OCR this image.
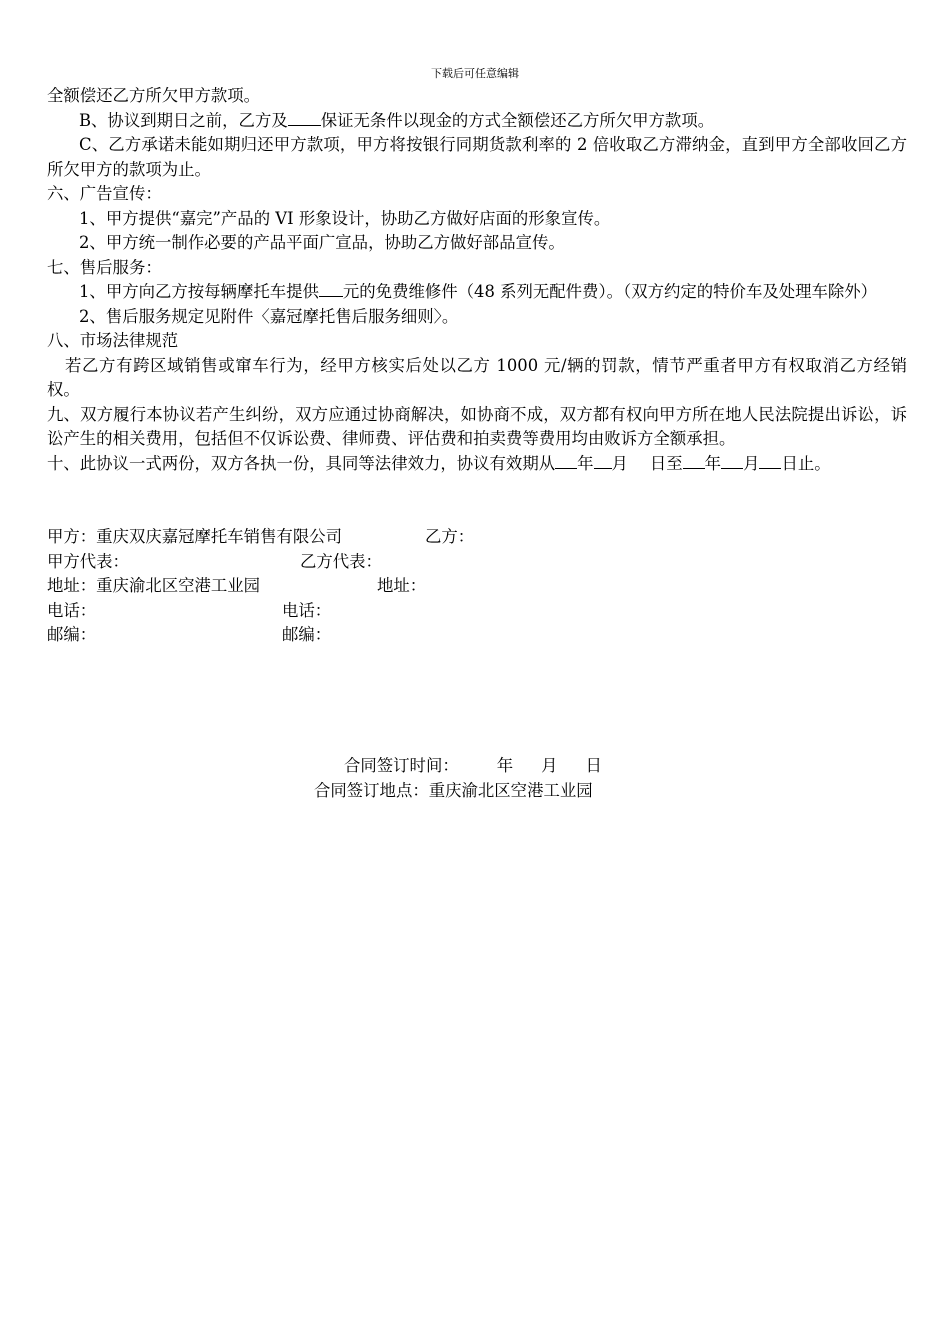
下载后可任意编辑

全额偿还乙方所欠甲方款项。

B、协议到期日之前，乙方及 保证无条件以现金的方式全额偿还乙方所欠甲方款项。

C、乙方承诺未能如期归还甲方款项，甲方将按银行同期货款利率的 2 倍收取乙方滞纳金，直到甲方全部收回乙方所欠甲方的款项为止。

六、广告宣传：

1、甲方提供“嘉完”产品的 VI 形象设计，协助乙方做好店面的形象宣传。

2、甲方统一制作必要的产品平面广宣品，协助乙方做好部品宣传。

七、售后服务：

1、甲方向乙方按每辆摩托车提供 元的免费维修件（48 系列无配件费）。（双方约定的特价车及处理车除外）

2、售后服务规定见附件〈嘉冠摩托售后服务细则〉。

八、市场法律规范

若乙方有跨区域销售或窜车行为，经甲方核实后处以乙方 1000 元/辆的罚款，情节严重者甲方有权取消乙方经销权。

九、双方履行本协议若产生纠纷，双方应通过协商解决，如协商不成，双方都有权向甲方所在地人民法院提出诉讼，诉讼产生的相关费用，包括但不仅诉讼费、律师费、评估费和拍卖费等费用均由败诉方全额承担。

十、此协议一式两份，双方各执一份，具同等法律效力，协议有效期从 年 月 日至 年 月 日止。

甲方：重庆双庆嘉冠摩托车销售有限公司	乙方：
甲方代表：	乙方代表：
地址：重庆渝北区空港工业园	地址：
电话：	电话：
邮编：	邮编：
合同签订时间： 年 月 日
合同签订地点：重庆渝北区空港工业园
